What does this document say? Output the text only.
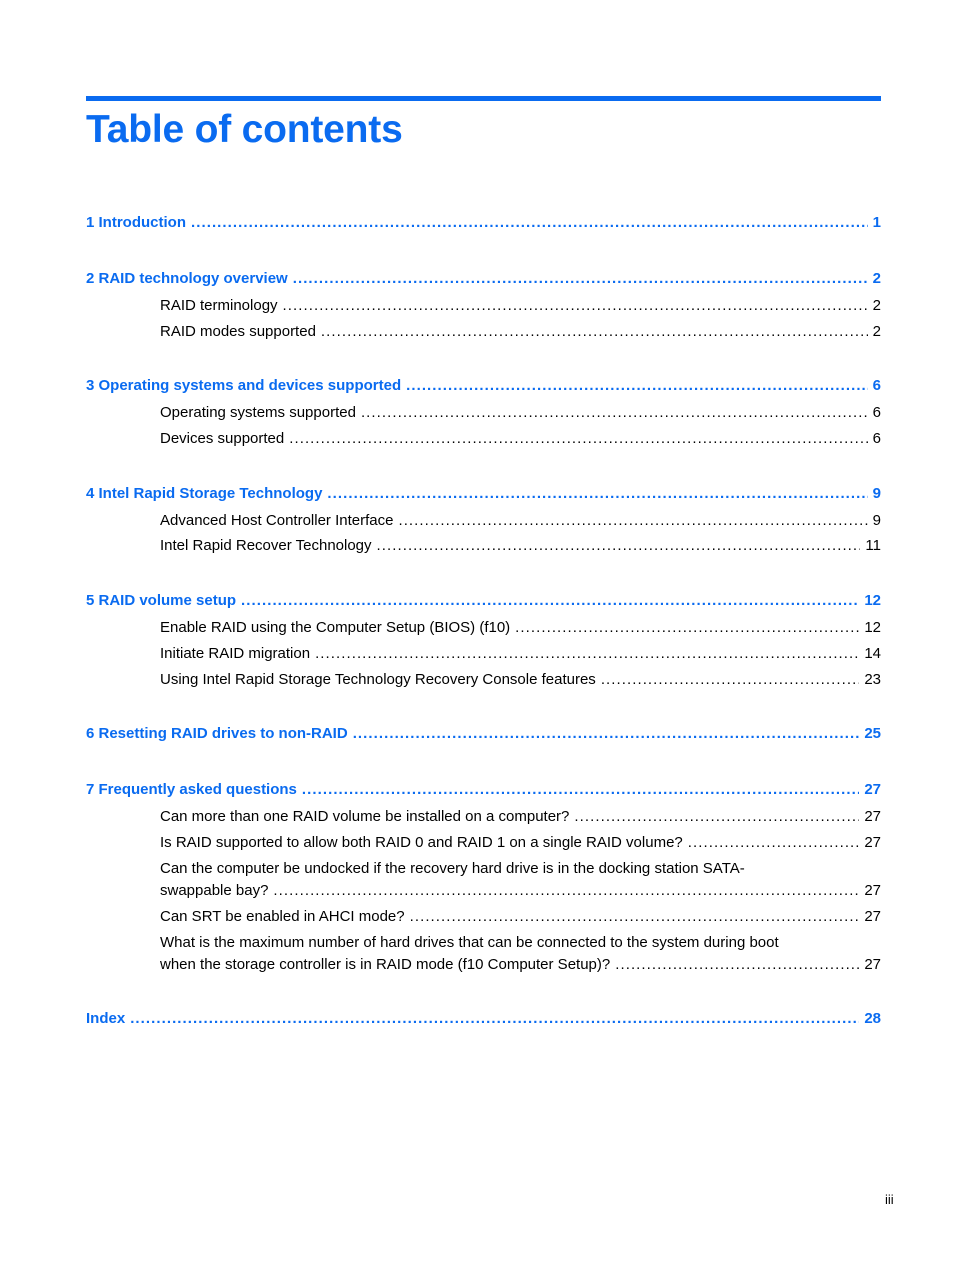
Table of contents
1 Introduction . . .	1
2 RAID technology overview . . .	2
RAID terminology . . .	2
RAID modes supported . . .	2
3 Operating systems and devices supported . . .	6
Operating systems supported . . .	6
Devices supported . . .	6
4 Intel Rapid Storage Technology . . .	9
Advanced Host Controller Interface . . .	9
Intel Rapid Recover Technology . . .	11
5 RAID volume setup . . .	12
Enable RAID using the Computer Setup (BIOS) (f10) . . .	12
Initiate RAID migration . . .	14
Using Intel Rapid Storage Technology Recovery Console features . . .	23
6 Resetting RAID drives to non-RAID . . .	25
7 Frequently asked questions . . .	27
Can more than one RAID volume be installed on a computer? . . .	27
Is RAID supported to allow both RAID 0 and RAID 1 on a single RAID volume? . . .	27
Can the computer be undocked if the recovery hard drive is in the docking station SATA-
swappable bay? . . .	27
Can SRT be enabled in AHCI mode? . . .	27
What is the maximum number of hard drives that can be connected to the system during boot
when the storage controller is in RAID mode (f10 Computer Setup)? . . .	27
Index . . .	28
iii
